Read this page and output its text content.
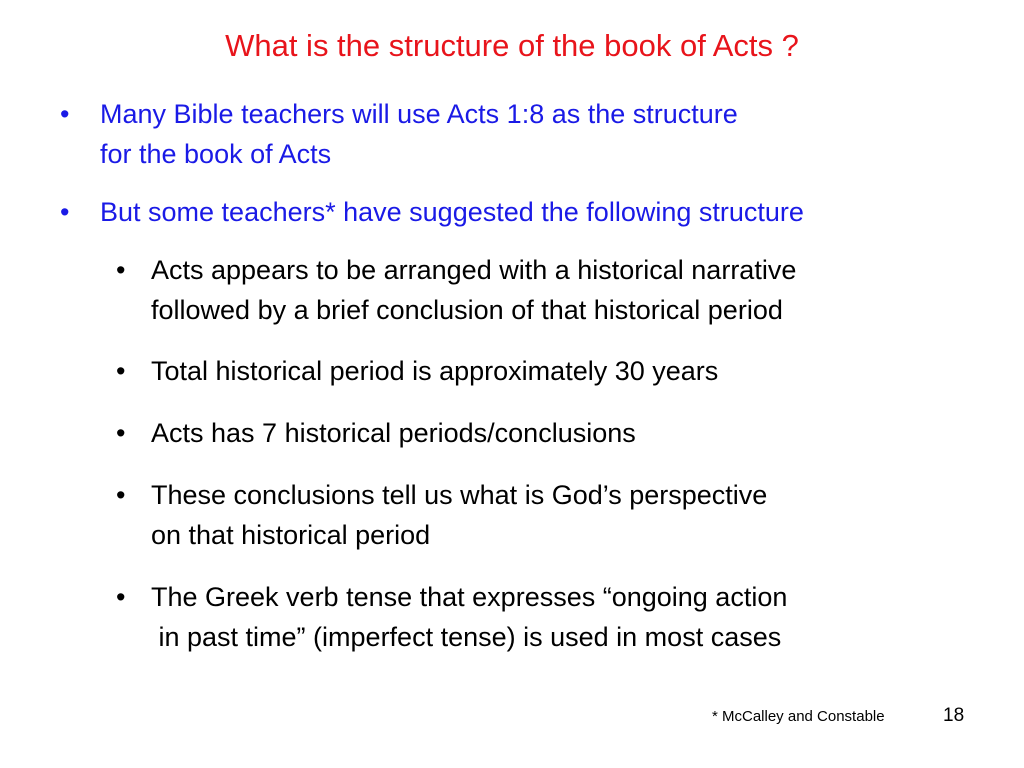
What is the structure of the book of Acts ?
• Many Bible teachers will use Acts 1:8 as the structure
for the book of Acts
• But some teachers* have suggested the following structure
• Acts appears to be arranged with a historical narrative
followed by a brief conclusion of that historical period
• Total historical period is approximately 30 years
• Acts has 7 historical periods/conclusions
• These conclusions tell us what is God’s perspective
on that historical period
• The Greek verb tense that expresses “ongoing action
in past time” (imperfect tense) is used in most cases
* McCalley and Constable	18
